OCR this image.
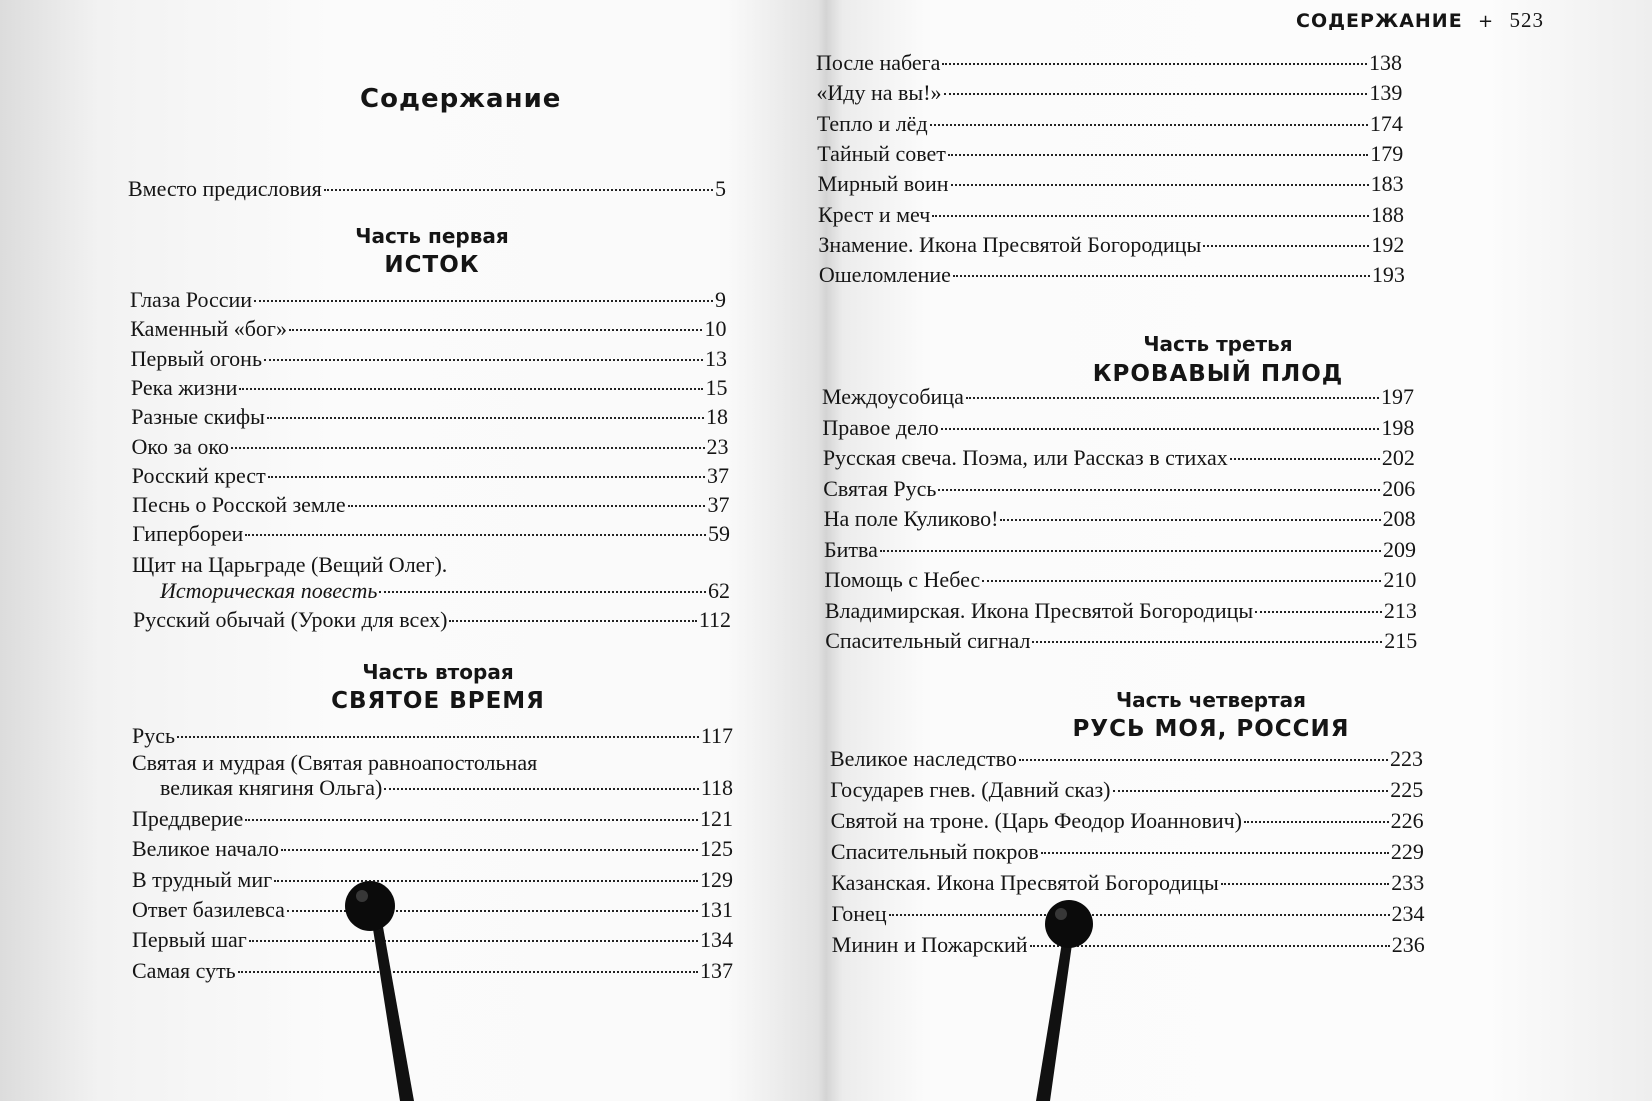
Содержание
Вместо предисловия	5
Часть первая
ИСТОК
Глаза России	9
Каменный «бог»	10
Первый огонь	13
Река жизни	15
Разные скифы	18
Око за око	23
Росский крест	37
Песнь о Росской земле	37
Гипербореи	59
Щит на Царьграде (Вещий Олег).
Историческая повесть	62
Русский обычай (Уроки для всех)	112
Часть вторая
СВЯТОЕ ВРЕМЯ
Русь	117
Святая и мудрая (Святая равноапостольная
великая княгиня Ольга)	118
Преддверие	121
Великое начало	125
В трудный миг	129
Ответ базилевса	131
Первый шаг	134
Самая суть	137
СОДЕРЖАНИЕ + 523
После набега	138
«Иду на вы!»	139
Тепло и лёд	174
Тайный совет	179
Мирный воин	183
Крест и меч	188
Знамение. Икона Пресвятой Богородицы	192
Ошеломление	193
Часть третья
КРОВАВЫЙ ПЛОД
Междоусобица	197
Правое дело	198
Русская свеча. Поэма, или Рассказ в стихах	202
Святая Русь	206
На поле Куликово!	208
Битва	209
Помощь с Небес	210
Владимирская. Икона Пресвятой Богородицы	213
Спасительный сигнал	215
Часть четвертая
РУСЬ МОЯ, РОССИЯ
Великое наследство	223
Государев гнев. (Давний сказ)	225
Святой на троне. (Царь Феодор Иоаннович)	226
Спасительный покров	229
Казанская. Икона Пресвятой Богородицы	233
Гонец	234
Минин и Пожарский	236
